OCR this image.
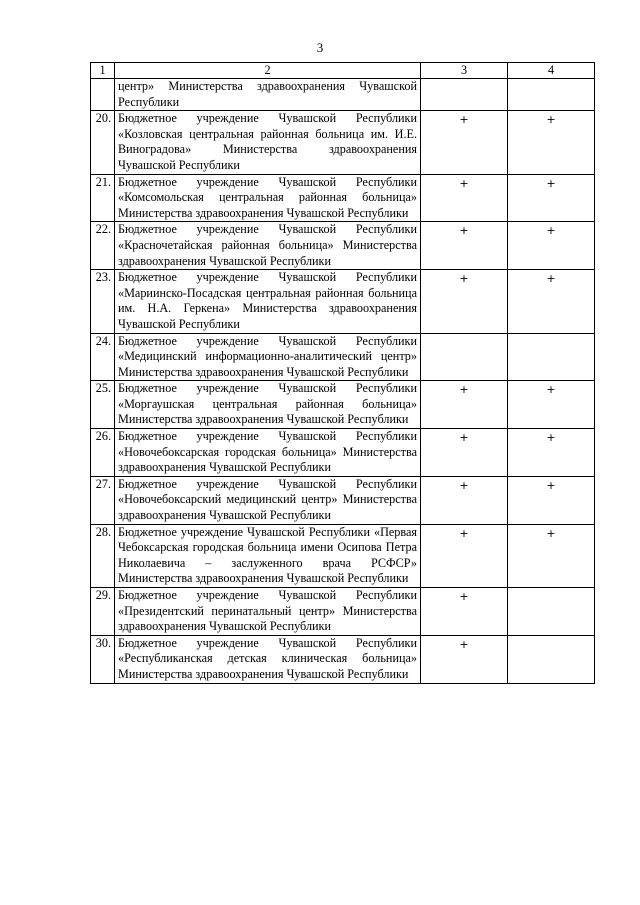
3
1	2	3	4
	центр» Министерства здравоохранения Чувашской Республики		
20.	Бюджетное учреждение Чувашской Республики «Козловская центральная районная больница им. И.Е. Виноградова» Министерства здравоохранения Чувашской Республики	+	+
21.	Бюджетное учреждение Чувашской Республики «Комсомольская центральная районная больница» Министерства здравоохранения Чувашской Республики	+	+
22.	Бюджетное учреждение Чувашской Республики «Красночетайская районная больница» Министерства здравоохранения Чувашской Республики	+	+
23.	Бюджетное учреждение Чувашской Республики «Мариинско-Посадская центральная районная больница им. Н.А. Геркена» Министерства здравоохранения Чувашской Республики	+	+
24.	Бюджетное учреждение Чувашской Республики «Медицинский информационно-аналитический центр» Министерства здравоохранения Чувашской Республики		
25.	Бюджетное учреждение Чувашской Республики «Моргаушская центральная районная больница» Министерства здравоохранения Чувашской Республики	+	+
26.	Бюджетное учреждение Чувашской Республики «Новочебоксарская городская больница» Министерства здравоохранения Чувашской Республики	+	+
27.	Бюджетное учреждение Чувашской Республики «Новочебоксарский медицинский центр» Министерства здравоохранения Чувашской Республики	+	+
28.	Бюджетное учреждение Чувашской Республики «Первая Чебоксарская городская больница имени Осипова Петра Николаевича – заслуженного врача РСФСР» Министерства здравоохранения Чувашской Республики	+	+
29.	Бюджетное учреждение Чувашской Республики «Президентский перинатальный центр» Министерства здравоохранения Чувашской Республики	+	
30.	Бюджетное учреждение Чувашской Республики «Республиканская детская клиническая больница» Министерства здравоохранения Чувашской Республики	+	
